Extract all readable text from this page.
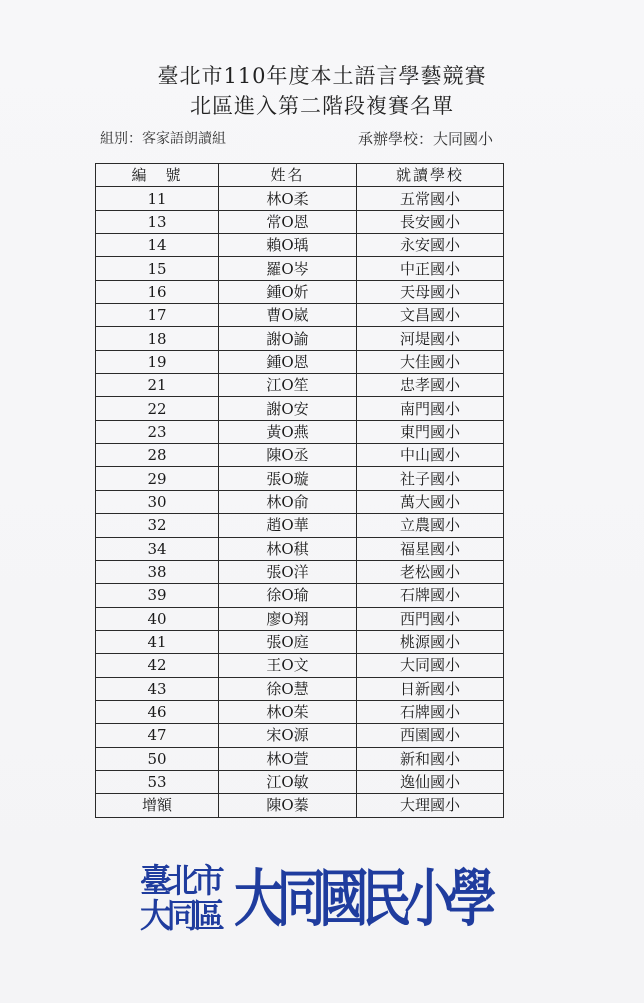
臺北市110年度本土語言學藝競賽
北區進入第二階段複賽名單
組別：客家語朗讀組	承辦學校：大同國小
編　號	姓名	就讀學校
11	林O柔	五常國小
13	常O恩	長安國小
14	賴O瑀	永安國小
15	羅O岑	中正國小
16	鍾O妡	天母國小
17	曹O崴	文昌國小
18	謝O諭	河堤國小
19	鍾O恩	大佳國小
21	江O笙	忠孝國小
22	謝O安	南門國小
23	黃O燕	東門國小
28	陳O丞	中山國小
29	張O璇	社子國小
30	林O俞	萬大國小
32	趙O華	立農國小
34	林O稘	福星國小
38	張O洋	老松國小
39	徐O瑜	石牌國小
40	廖O翔	西門國小
41	張O庭	桃源國小
42	王O文	大同國小
43	徐O慧	日新國小
46	林O茱	石牌國小
47	宋O源	西園國小
50	林O萱	新和國小
53	江O敏	逸仙國小
增額	陳O蓁	大理國小
臺北市
大同區 大同國民小學
